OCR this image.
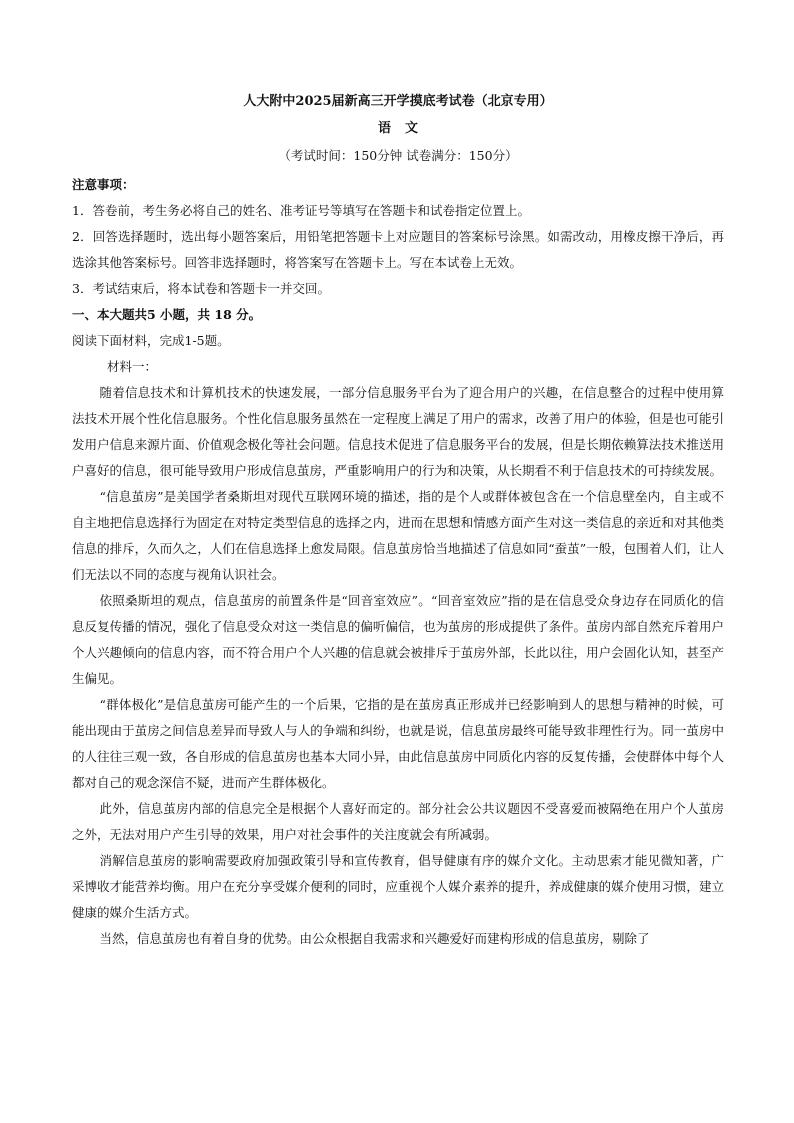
人大附中2025届新高三开学摸底考试卷（北京专用）
语文
（考试时间：150分钟 试卷满分：150分）
注意事项：
1．答卷前，考生务必将自己的姓名、准考证号等填写在答题卡和试卷指定位置上。
2．回答选择题时，选出每小题答案后，用铅笔把答题卡上对应题目的答案标号涂黑。如需改动，用橡皮擦干净后，再选涂其他答案标号。回答非选择题时，将答案写在答题卡上。写在本试卷上无效。
3．考试结束后，将本试卷和答题卡一并交回。
一、本大题共5 小题，共 18 分。
阅读下面材料，完成1-5题。
材料一：
随着信息技术和计算机技术的快速发展，一部分信息服务平台为了迎合用户的兴趣，在信息整合的过程中使用算法技术开展个性化信息服务。个性化信息服务虽然在一定程度上满足了用户的需求，改善了用户的体验，但是也可能引发用户信息来源片面、价值观念极化等社会问题。信息技术促进了信息服务平台的发展，但是长期依赖算法技术推送用户喜好的信息，很可能导致用户形成信息茧房，严重影响用户的行为和决策，从长期看不利于信息技术的可持续发展。
“信息茧房”是美国学者桑斯坦对现代互联网环境的描述，指的是个人或群体被包含在一个信息壁垒内，自主或不自主地把信息选择行为固定在对特定类型信息的选择之内，进而在思想和情感方面产生对这一类信息的亲近和对其他类信息的排斥，久而久之，人们在信息选择上愈发局限。信息茧房恰当地描述了信息如同“蚕茧”一般，包围着人们，让人们无法以不同的态度与视角认识社会。
依照桑斯坦的观点，信息茧房的前置条件是“回音室效应”。“回音室效应”指的是在信息受众身边存在同质化的信息反复传播的情况，强化了信息受众对这一类信息的偏听偏信，也为茧房的形成提供了条件。茧房内部自然充斥着用户个人兴趣倾向的信息内容，而不符合用户个人兴趣的信息就会被排斥于茧房外部，长此以往，用户会固化认知，甚至产生偏见。
“群体极化”是信息茧房可能产生的一个后果，它指的是在茧房真正形成并已经影响到人的思想与精神的时候，可能出现由于茧房之间信息差异而导致人与人的争端和纠纷，也就是说，信息茧房最终可能导致非理性行为。同一茧房中的人往往三观一致，各自形成的信息茧房也基本大同小异，由此信息茧房中同质化内容的反复传播，会使群体中每个人都对自己的观念深信不疑，进而产生群体极化。
此外，信息茧房内部的信息完全是根据个人喜好而定的。部分社会公共议题因不受喜爱而被隔绝在用户个人茧房之外，无法对用户产生引导的效果，用户对社会事件的关注度就会有所减弱。
消解信息茧房的影响需要政府加强政策引导和宣传教育，倡导健康有序的媒介文化。主动思索才能见微知著，广采博收才能营养均衡。用户在充分享受媒介便利的同时，应重视个人媒介素养的提升，养成健康的媒介使用习惯，建立健康的媒介生活方式。
当然，信息茧房也有着自身的优势。由公众根据自我需求和兴趣爱好而建构形成的信息茧房，剔除了
